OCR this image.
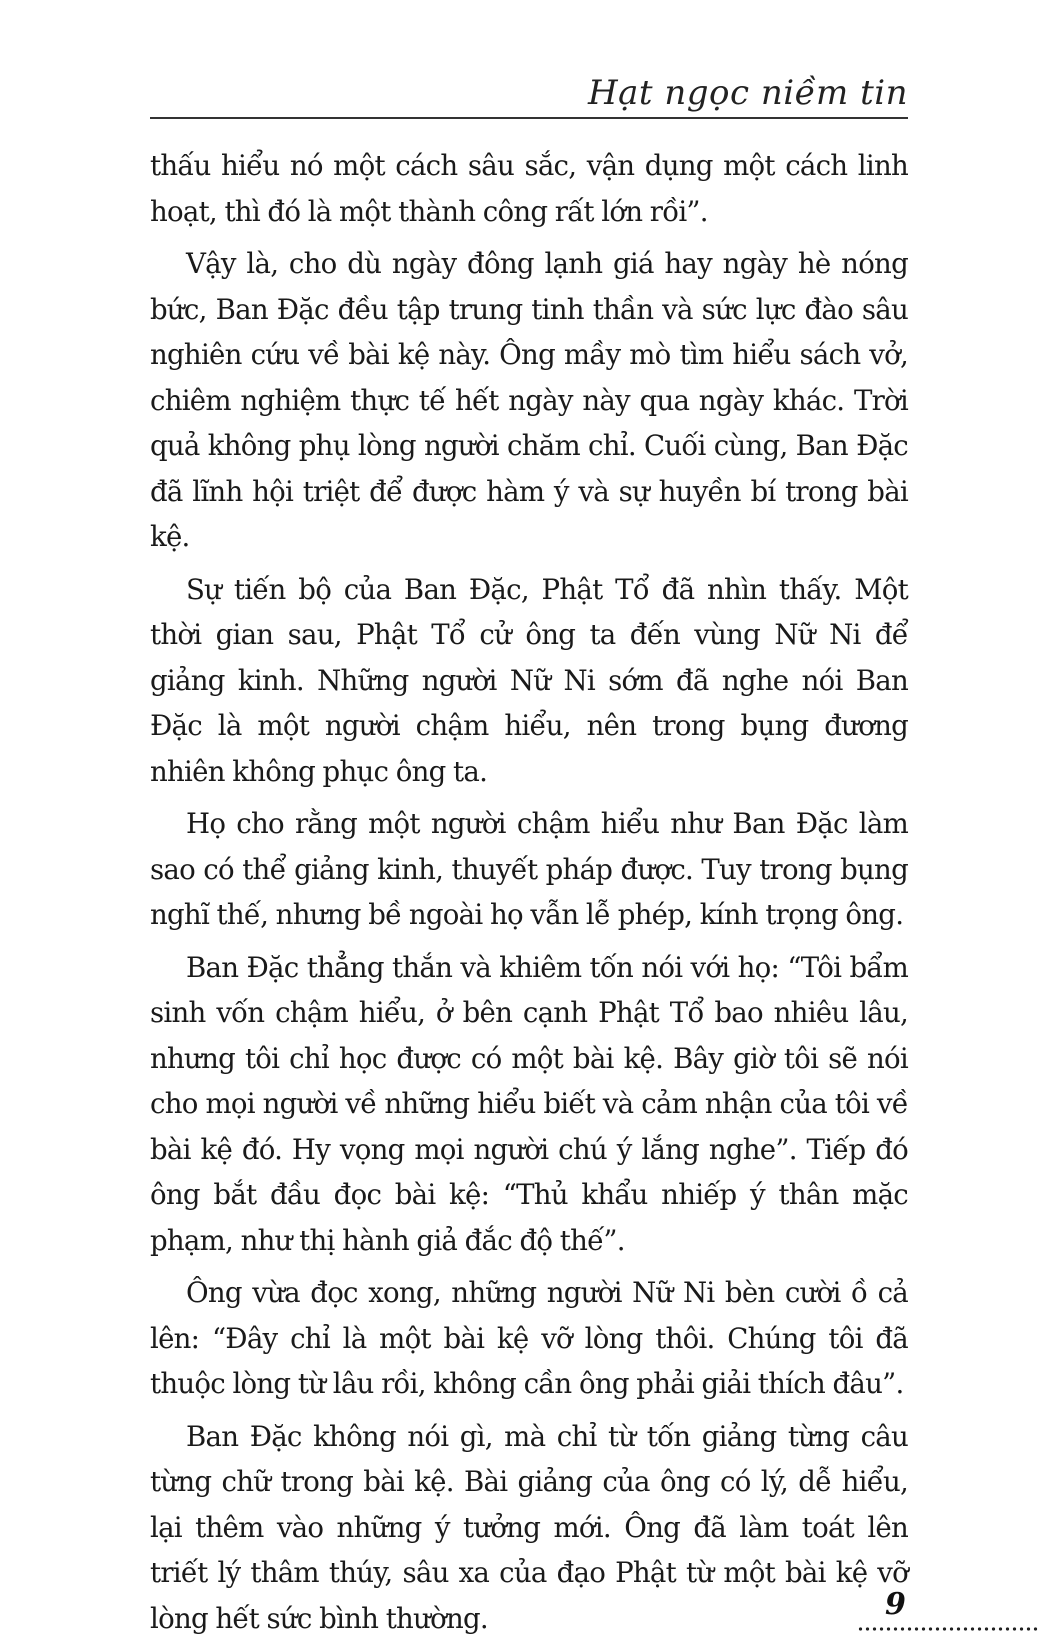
Hạt ngọc niềm tin

thấu hiểu nó một cách sâu sắc, vận dụng một cách linh hoạt, thì đó là một thành công rất lớn rồi”.

Vậy là, cho dù ngày đông lạnh giá hay ngày hè nóng bức, Ban Đặc đều tập trung tinh thần và sức lực đào sâu nghiên cứu về bài kệ này. Ông mầy mò tìm hiểu sách vở, chiêm nghiệm thực tế hết ngày này qua ngày khác. Trời quả không phụ lòng người chăm chỉ. Cuối cùng, Ban Đặc đã lĩnh hội triệt để được hàm ý và sự huyền bí trong bài kệ.

Sự tiến bộ của Ban Đặc, Phật Tổ đã nhìn thấy. Một thời gian sau, Phật Tổ cử ông ta đến vùng Nữ Ni để giảng kinh. Những người Nữ Ni sớm đã nghe nói Ban Đặc là một người chậm hiểu, nên trong bụng đương nhiên không phục ông ta.

Họ cho rằng một người chậm hiểu như Ban Đặc làm sao có thể giảng kinh, thuyết pháp được. Tuy trong bụng nghĩ thế, nhưng bề ngoài họ vẫn lễ phép, kính trọng ông.

Ban Đặc thẳng thắn và khiêm tốn nói với họ: “Tôi bẩm sinh vốn chậm hiểu, ở bên cạnh Phật Tổ bao nhiêu lâu, nhưng tôi chỉ học được có một bài kệ. Bây giờ tôi sẽ nói cho mọi người về những hiểu biết và cảm nhận của tôi về bài kệ đó. Hy vọng mọi người chú ý lắng nghe”. Tiếp đó ông bắt đầu đọc bài kệ: “Thủ khẩu nhiếp ý thân mặc phạm, như thị hành giả đắc độ thế”.

Ông vừa đọc xong, những người Nữ Ni bèn cười ồ cả lên: “Đây chỉ là một bài kệ vỡ lòng thôi. Chúng tôi đã thuộc lòng từ lâu rồi, không cần ông phải giải thích đâu”.

Ban Đặc không nói gì, mà chỉ từ tốn giảng từng câu từng chữ trong bài kệ. Bài giảng của ông có lý, dễ hiểu, lại thêm vào những ý tưởng mới. Ông đã làm toát lên triết lý thâm thúy, sâu xa của đạo Phật từ một bài kệ vỡ lòng hết sức bình thường.	9
